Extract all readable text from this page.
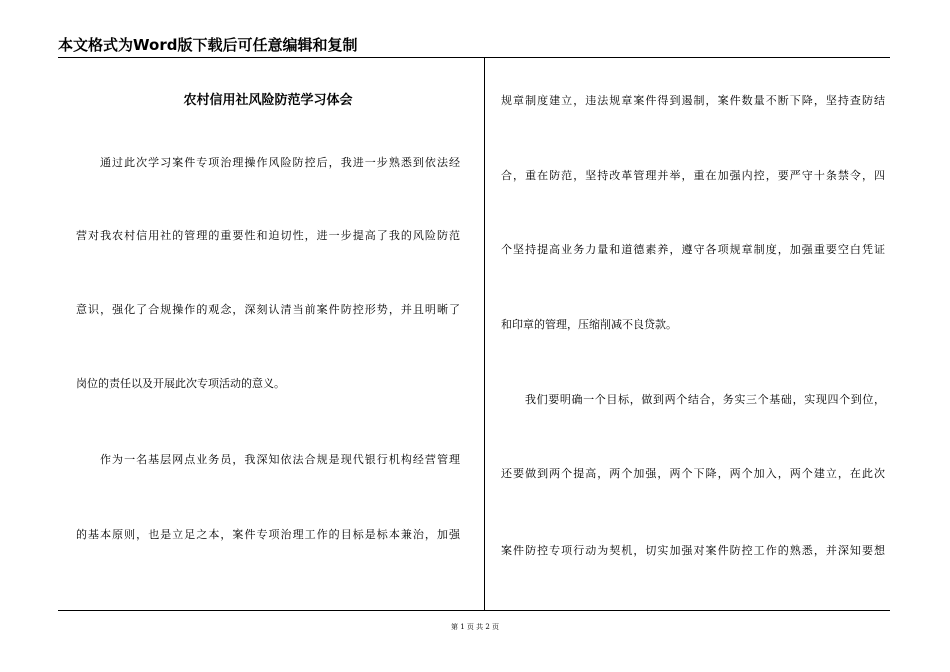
本文格式为Word版下载后可任意编辑和复制
农村信用社风险防范学习体会
通过此次学习案件专项治理操作风险防控后，我进一步熟悉到依法经
营对我农村信用社的管理的重要性和迫切性，进一步提高了我的风险防范
意识，强化了合规操作的观念，深刻认清当前案件防控形势，并且明晰了
岗位的责任以及开展此次专项活动的意义。
作为一名基层网点业务员，我深知依法合规是现代银行机构经营管理
的基本原则，也是立足之本，案件专项治理工作的目标是标本兼治，加强
规章制度建立，违法规章案件得到遏制，案件数量不断下降，坚持查防结
合，重在防范，坚持改革管理并举，重在加强内控，要严守十条禁令，四
个坚持提高业务力量和道德素养，遵守各项规章制度，加强重要空白凭证
和印章的管理，压缩削减不良贷款。
我们要明确一个目标，做到两个结合，务实三个基础，实现四个到位，
还要做到两个提高，两个加强，两个下降，两个加入，两个建立，在此次
案件防控专项行动为契机，切实加强对案件防控工作的熟悉，并深知要想
第 1 页 共 2 页
